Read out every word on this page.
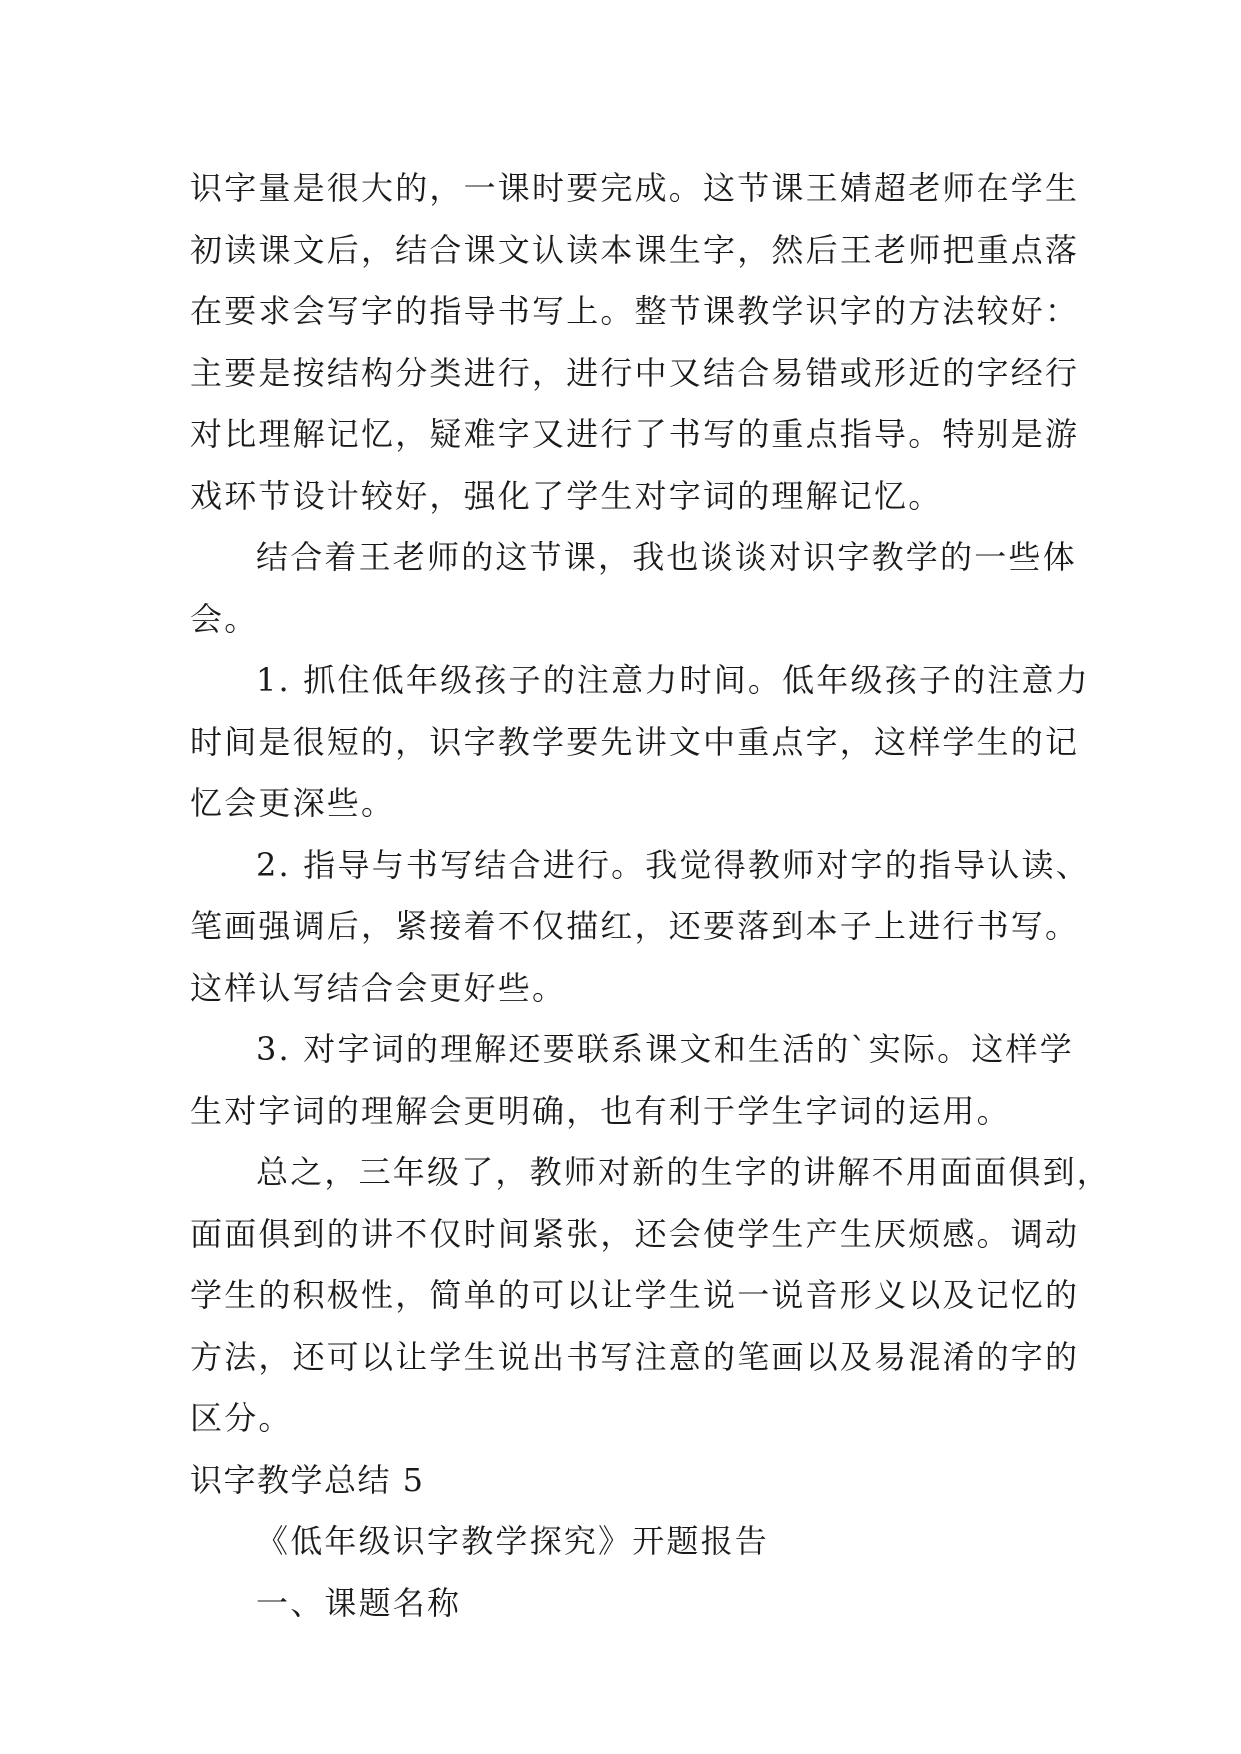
识字量是很大的，一课时要完成。这节课王婧超老师在学生
初读课文后，结合课文认读本课生字，然后王老师把重点落
在要求会写字的指导书写上。整节课教学识字的方法较好：
主要是按结构分类进行，进行中又结合易错或形近的字经行
对比理解记忆，疑难字又进行了书写的重点指导。特别是游
戏环节设计较好，强化了学生对字词的理解记忆。
结合着王老师的这节课，我也谈谈对识字教学的一些体
会。
1. 抓住低年级孩子的注意力时间。低年级孩子的注意力
时间是很短的，识字教学要先讲文中重点字，这样学生的记
忆会更深些。
2. 指导与书写结合进行。我觉得教师对字的指导认读、
笔画强调后，紧接着不仅描红，还要落到本子上进行书写。
这样认写结合会更好些。
3. 对字词的理解还要联系课文和生活的`实际。这样学
生对字词的理解会更明确，也有利于学生字词的运用。
总之，三年级了，教师对新的生字的讲解不用面面俱到，
面面俱到的讲不仅时间紧张，还会使学生产生厌烦感。调动
学生的积极性，简单的可以让学生说一说音形义以及记忆的
方法，还可以让学生说出书写注意的笔画以及易混淆的字的
区分。
识字教学总结 5
《低年级识字教学探究》开题报告
一、课题名称
